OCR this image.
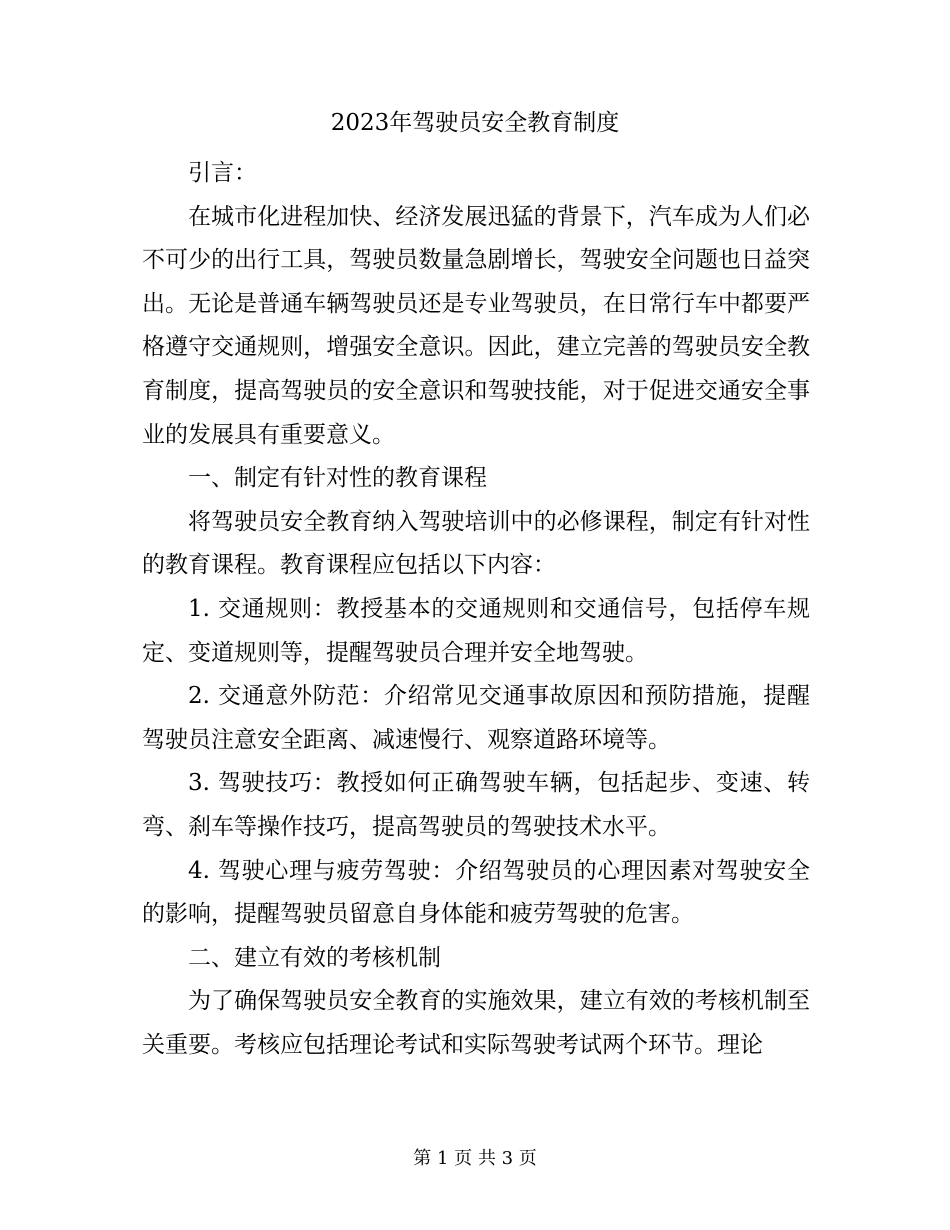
2023年驾驶员安全教育制度

引言：

在城市化进程加快、经济发展迅猛的背景下，汽车成为人们必不可少的出行工具，驾驶员数量急剧增长，驾驶安全问题也日益突出。无论是普通车辆驾驶员还是专业驾驶员，在日常行车中都要严格遵守交通规则，增强安全意识。因此，建立完善的驾驶员安全教育制度，提高驾驶员的安全意识和驾驶技能，对于促进交通安全事业的发展具有重要意义。

一、制定有针对性的教育课程

将驾驶员安全教育纳入驾驶培训中的必修课程，制定有针对性的教育课程。教育课程应包括以下内容：

1. 交通规则：教授基本的交通规则和交通信号，包括停车规定、变道规则等，提醒驾驶员合理并安全地驾驶。

2. 交通意外防范：介绍常见交通事故原因和预防措施，提醒驾驶员注意安全距离、减速慢行、观察道路环境等。

3. 驾驶技巧：教授如何正确驾驶车辆，包括起步、变速、转弯、刹车等操作技巧，提高驾驶员的驾驶技术水平。

4. 驾驶心理与疲劳驾驶：介绍驾驶员的心理因素对驾驶安全的影响，提醒驾驶员留意自身体能和疲劳驾驶的危害。

二、建立有效的考核机制

为了确保驾驶员安全教育的实施效果，建立有效的考核机制至关重要。考核应包括理论考试和实际驾驶考试两个环节。理论

第 1 页 共 3 页
